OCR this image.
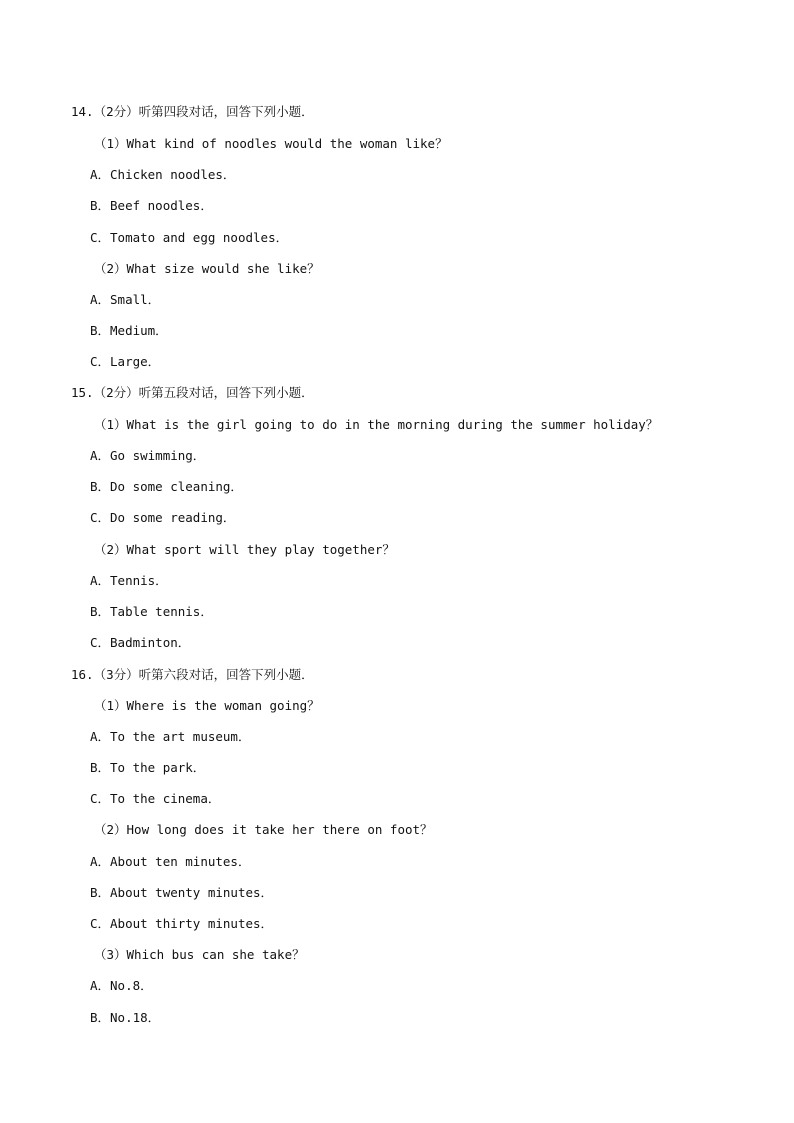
14.（2分）听第四段对话，回答下列小题．
（1）What kind of noodles would the woman like？
A．Chicken noodles．
B．Beef noodles．
C．Tomato and egg noodles．
（2）What size would she like？
A．Small．
B．Medium．
C．Large．
15.（2分）听第五段对话，回答下列小题．
（1）What is the girl going to do in the morning during the summer holiday？
A．Go swimming．
B．Do some cleaning．
C．Do some reading．
（2）What sport will they play together？
A．Tennis．
B．Table tennis．
C．Badminton．
16.（3分）听第六段对话，回答下列小题．
（1）Where is the woman going？
A．To the art museum．
B．To the park．
C．To the cinema．
（2）How long does it take her there on foot？
A．About ten minutes．
B．About twenty minutes．
C．About thirty minutes．
（3）Which bus can she take？
A．No.8．
B．No.18．
